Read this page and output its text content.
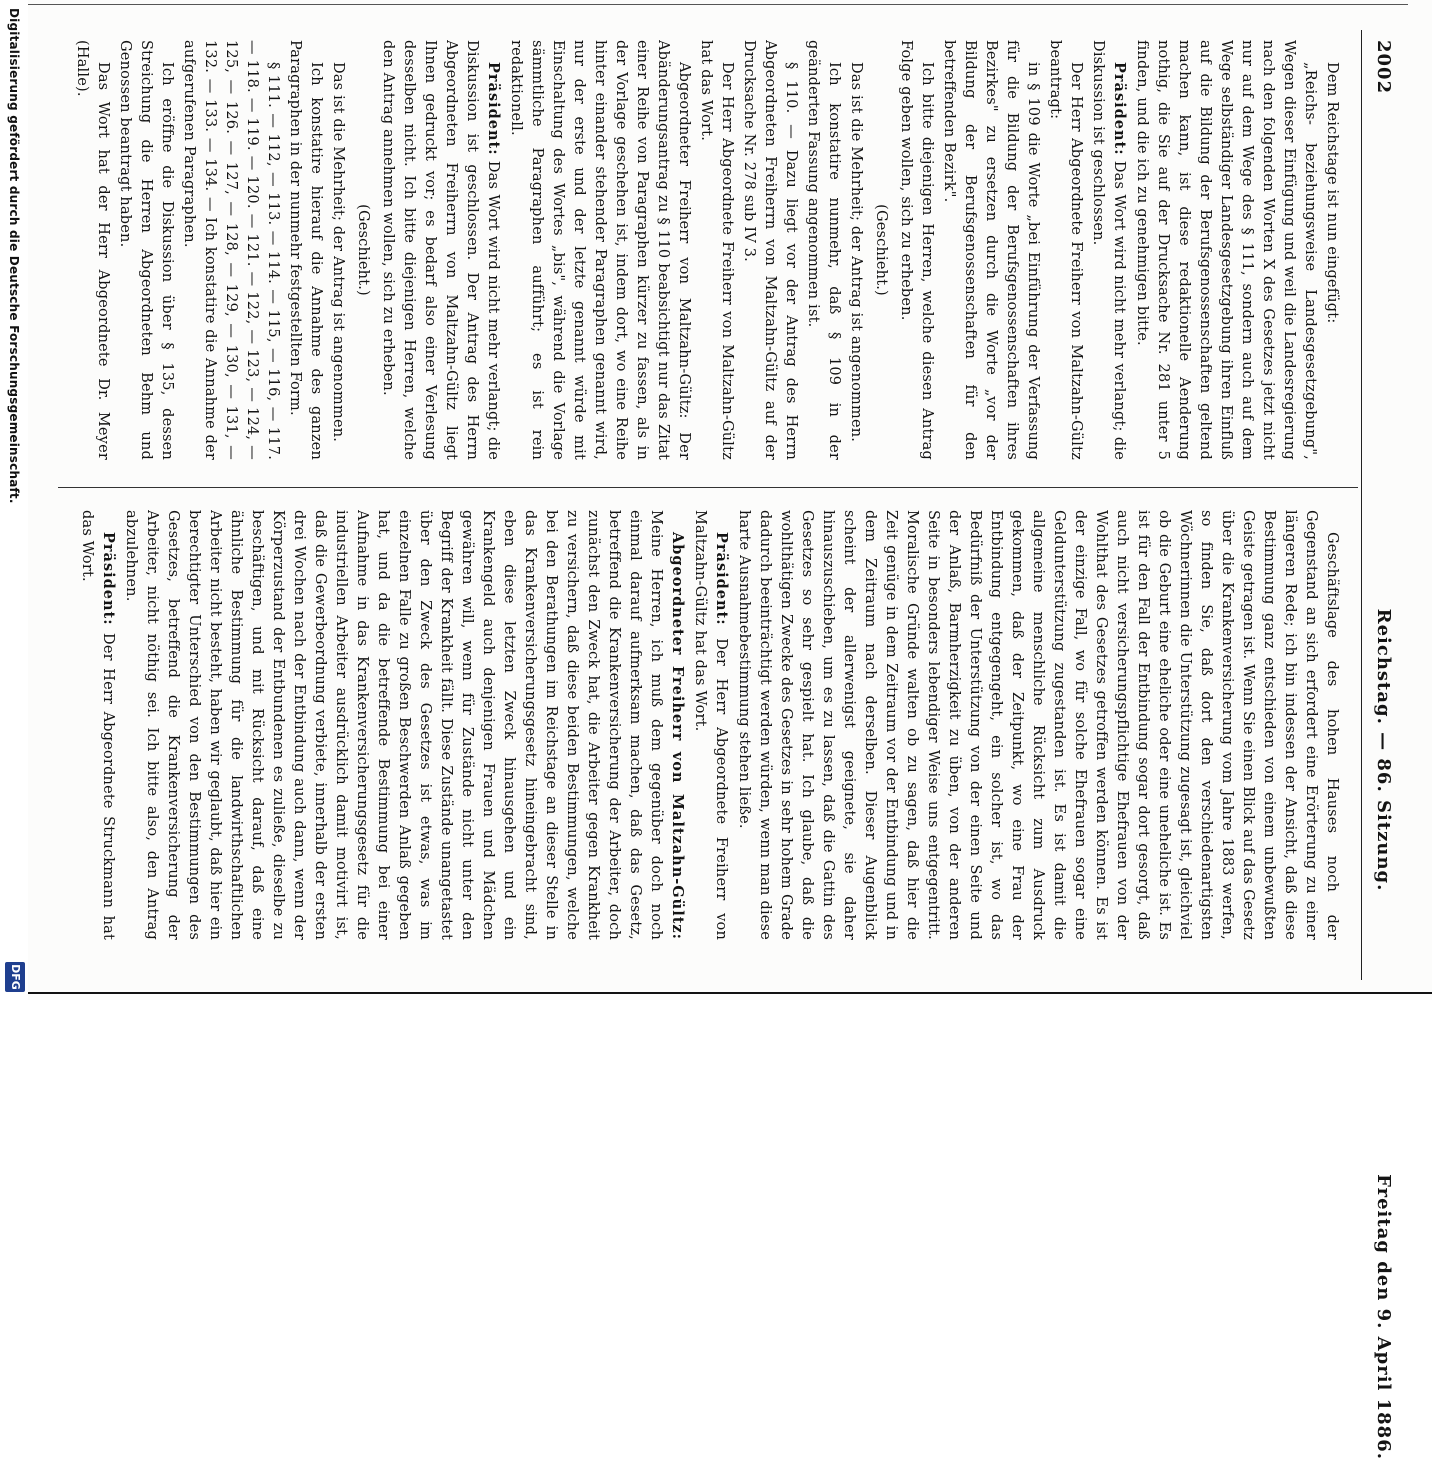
2002
Reichstag. — 86. Sitzung.
Freitag den 9. April 1886.

Dem Reichstage ist nun eingefügt:

„Reichs- beziehungsweise Landesgesetzgebung", Wegen dieser Einfügung und weil die Landesregierung nach den folgenden Worten X des Gesetzes jetzt nicht nur auf dem Wege des § 111, sondern auch auf dem Wege selbständiger Landesgesetzgebung ihren Einfluß auf die Bildung der Berufsgenossenschaften geltend machen kann, ist diese redaktionelle Aenderung nothig, die Sie auf der Drucksache Nr. 281 unter 5 finden, und die ich zu genehmigen bitte.

Präsident: Das Wort wird nicht mehr verlangt; die Diskussion ist geschlossen.

Der Herr Abgeordnete Freiherr von Maltzahn-Gültz beantragt:

in § 109 die Worte „bei Einführung der Verfassung für die Bildung der Berufsgenossenschaften ihres Bezirkes" zu ersetzen durch die Worte „vor der Bildung der Berufsgenossenschaften für den betreffenden Bezirk".

Ich bitte diejenigen Herren, welche diesen Antrag Folge geben wollen, sich zu erheben.

(Geschieht.)

Das ist die Mehrheit; der Antrag ist angenommen.

Ich konstatire nunmehr, daß § 109 in der geänderten Fassung angenommen ist.

§ 110. — Dazu liegt vor der Antrag des Herrn Abgeordneten Freiherrn von Maltzahn-Gültz auf der Drucksache Nr. 278 sub IV 3.

Der Herr Abgeordnete Freiherr von Maltzahn-Gültz hat das Wort.

Abgeordneter Freiherr von Maltzahn-Gültz: Der Abänderungsantrag zu § 110 beabsichtigt nur das Zitat einer Reihe von Paragraphen kürzer zu fassen, als in der Vorlage geschehen ist, indem dort, wo eine Reihe hinter einander stehender Paragraphen genannt wird, nur der erste und der letzte genannt würde mit Einschaltung des Wortes „bis", während die Vorlage sämmtliche Paragraphen aufführt; es ist rein redaktionell.

Präsident: Das Wort wird nicht mehr verlangt; die Diskussion ist geschlossen. Der Antrag des Herrn Abgeordneten Freiherrn von Maltzahn-Gültz liegt Ihnen gedruckt vor; es bedarf also einer Verlesung desselben nicht. Ich bitte diejenigen Herren, welche den Antrag annehmen wollen, sich zu erheben.

(Geschieht.)

Das ist die Mehrheit; der Antrag ist angenommen.

Ich konstatire hierauf die Annahme des ganzen Paragraphen in der nunmehr festgestellten Form.

§ 111. — 112, — 113. — 114. — 115, — 116, — 117. — 118. — 119. — 120. — 121. — 122, — 123, — 124, — 125, — 126. — 127, — 128, — 129, — 130, — 131, — 132. — 133. — 134. — Ich konstatire die Annahme der aufgerufenen Paragraphen.

Ich eröffne die Diskussion über § 135, dessen Streichung die Herren Abgeordneten Behm und Genossen beantragt haben.

Das Wort hat der Herr Abgeordnete Dr. Meyer (Halle).

Geschäftslage des hohen Hauses noch der Gegenstand an sich erfordert eine Erörterung zu einer längeren Rede; ich bin indessen der Ansicht, daß diese Bestimmung ganz entschieden von einem unbewußten Geiste getragen ist. Wenn Sie einen Blick auf das Gesetz über die Krankenversicherung vom Jahre 1883 werfen, so finden Sie, daß dort den verschiedenartigsten Wöchnerinnen die Unterstützung zugesagt ist, gleichviel ob die Geburt eine eheliche oder eine uneheliche ist. Es ist für den Fall der Entbindung sogar dort gesorgt, daß auch nicht versicherungspflichtige Ehefrauen von der Wohlthat des Gesetzes getroffen werden können. Es ist der einzige Fall, wo für solche Ehefrauen sogar eine Geldunterstützung zugestanden ist. Es ist damit die allgemeine menschliche Rücksicht zum Ausdruck gekommen, daß der Zeitpunkt, wo eine Frau der Entbindung entgegengeht, ein solcher ist, wo das Bedürfniß der Unterstützung von der einen Seite und der Anlaß, Barmherzigkeit zu üben, von der anderen Seite in besonders lebendiger Weise uns entgegentritt. Moralische Gründe walten ob zu sagen, daß hier die Zeit genüge in dem Zeitraum vor der Entbindung und in dem Zeitraum nach derselben. Dieser Augenblick scheint der allerwenigst geeignete, sie daher hinauszuschieben, um es zu lassen, daß die Gattin des Gesetzes so sehr gespielt hat. Ich glaube, daß die wohlthätigen Zwecke des Gesetzes in sehr hohem Grade dadurch beeinträchtigt werden würden, wenn man diese harte Ausnahmebestimmung stehen ließe.

Präsident: Der Herr Abgeordnete Freiherr von Maltzahn-Gültz hat das Wort.

Abgeordneter Freiherr von Maltzahn-Gültz: Meine Herren, ich muß dem gegenüber doch noch einmal darauf aufmerksam machen, daß das Gesetz, betreffend die Krankenversicherung der Arbeiter, doch zunächst den Zweck hat, die Arbeiter gegen Krankheit zu versichern, daß diese beiden Bestimmungen, welche bei den Berathungen im Reichstage an dieser Stelle in das Krankenversicherungsgesetz hineingebracht sind, eben diese letzten Zweck hinausgehen und ein Krankengeld auch denjenigen Frauen und Mädchen gewähren will, wenn für Zustände nicht unter den Begriff der Krankheit fällt. Diese Zustände unangetastet über den Zweck des Gesetzes ist etwas, was im einzelnen Falle zu großen Beschwerden Anlaß gegeben hat, und da die betreffende Bestimmung bei einer Aufnahme in das Krankenversicherungsgesetz für die industriellen Arbeiter ausdrücklich damit motivirt ist, daß die Gewerbeordnung verbiete, innerhalb der ersten drei Wochen nach der Entbindung auch dann, wenn der Körperzustand der Entbundenen es zuließe, dieselbe zu beschäftigen, und mit Rücksicht darauf, daß eine ähnliche Bestimmung für die landwirthschaftlichen Arbeiter nicht besteht, haben wir geglaubt, daß hier ein berechtigter Unterschied von den Bestimmungen des Gesetzes, betreffend die Krankenversicherung der Arbeiter, nicht nöthig sei. Ich bitte also, den Antrag abzulehnen.

Präsident: Der Herr Abgeordnete Struckmann hat das Wort.

Digitalisierung gefördert durch die Deutsche Forschungsgemeinschaft.
DFG
